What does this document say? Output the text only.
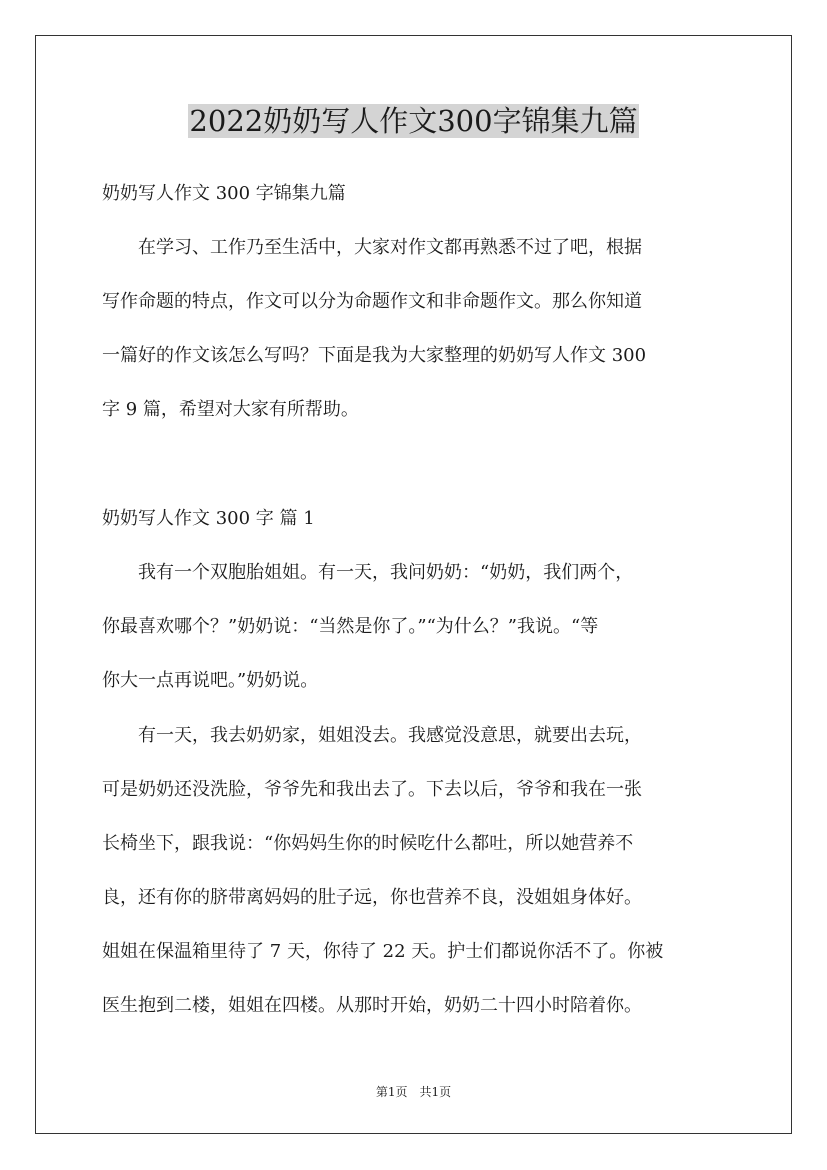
2022奶奶写人作文300字锦集九篇

奶奶写人作文 300 字锦集九篇

　　在学习、工作乃至生活中，大家对作文都再熟悉不过了吧，根据

写作命题的特点，作文可以分为命题作文和非命题作文。那么你知道

一篇好的作文该怎么写吗？下面是我为大家整理的奶奶写人作文 300

字 9 篇，希望对大家有所帮助。

奶奶写人作文 300 字 篇 1

　　我有一个双胞胎姐姐。有一天，我问奶奶：“奶奶，我们两个，

你最喜欢哪个？”奶奶说：“当然是你了。”“为什么？”我说。“等

你大一点再说吧。”奶奶说。

　　有一天，我去奶奶家，姐姐没去。我感觉没意思，就要出去玩，

可是奶奶还没洗脸，爷爷先和我出去了。下去以后，爷爷和我在一张

长椅坐下，跟我说：“你妈妈生你的时候吃什么都吐，所以她营养不

良，还有你的脐带离妈妈的肚子远，你也营养不良，没姐姐身体好。

姐姐在保温箱里待了 7 天，你待了 22 天。护士们都说你活不了。你被

医生抱到二楼，姐姐在四楼。从那时开始，奶奶二十四小时陪着你。

第1页　共1页
